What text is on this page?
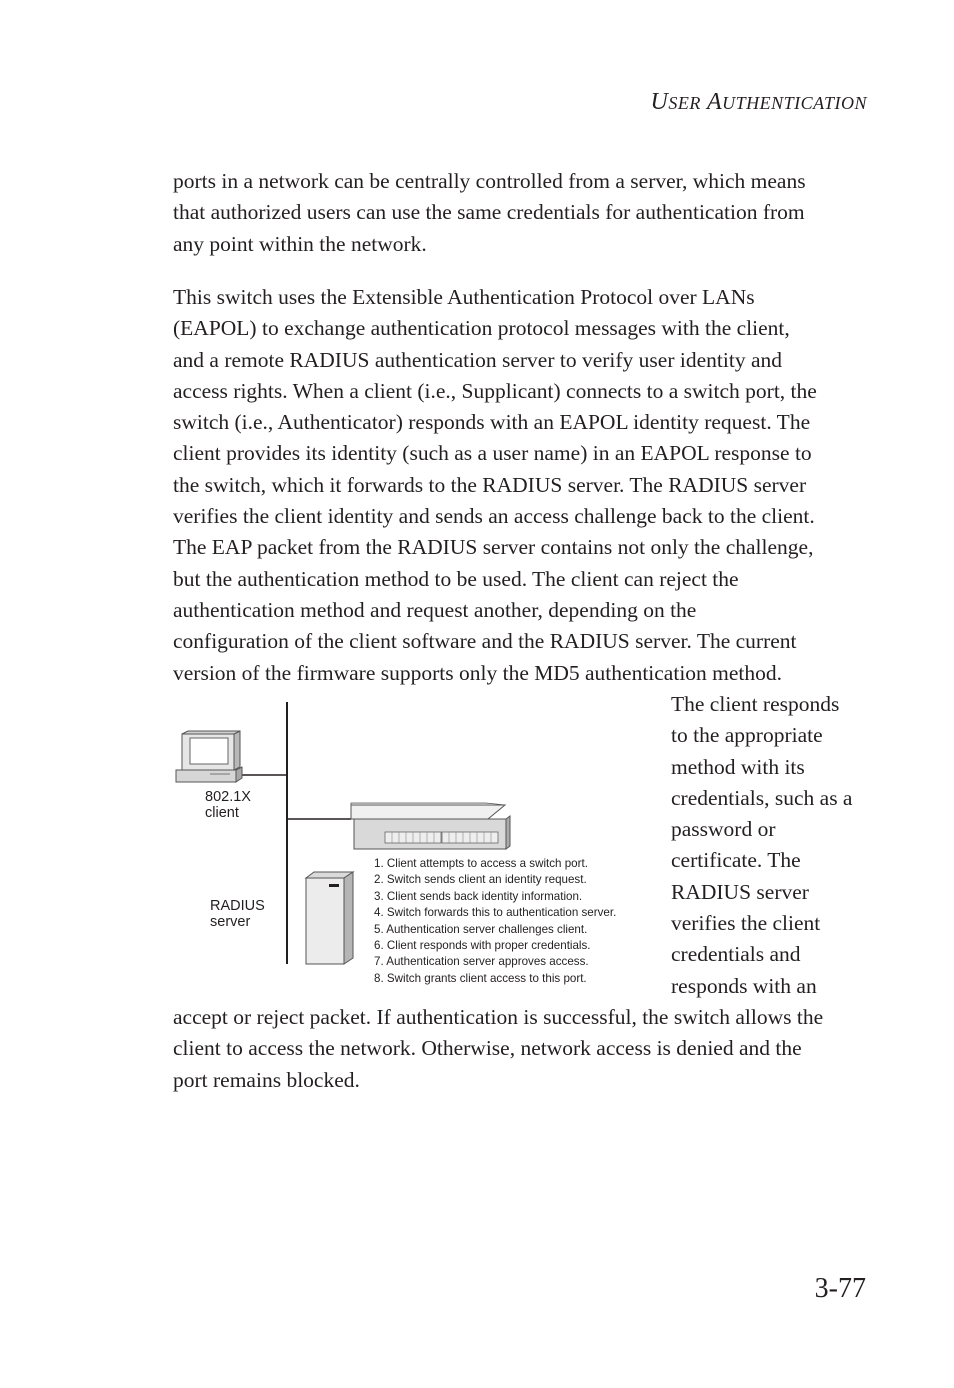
USER AUTHENTICATION

ports in a network can be centrally controlled from a server, which means
that authorized users can use the same credentials for authentication from
any point within the network.

This switch uses the Extensible Authentication Protocol over LANs
(EAPOL) to exchange authentication protocol messages with the client,
and a remote RADIUS authentication server to verify user identity and
access rights. When a client (i.e., Supplicant) connects to a switch port, the
switch (i.e., Authenticator) responds with an EAPOL identity request. The
client provides its identity (such as a user name) in an EAPOL response to
the switch, which it forwards to the RADIUS server. The RADIUS server
verifies the client identity and sends an access challenge back to the client.
The EAP packet from the RADIUS server contains not only the challenge,
but the authentication method to be used. The client can reject the
authentication method and request another, depending on the
configuration of the client software and the RADIUS server. The current
version of the firmware supports only the MD5 authentication method.

The client responds
to the appropriate
method with its
credentials, such as a
password or
certificate. The
RADIUS server
verifies the client
credentials and
responds with an

802.1X
client
RADIUS
server
1. Client attempts to access a switch port.
2. Switch sends client an identity request.
3. Client sends back identity information.
4. Switch forwards this to authentication server.
5. Authentication server challenges client.
6. Client responds with proper credentials.
7. Authentication server approves access.
8. Switch grants client access to this port.

accept or reject packet. If authentication is successful, the switch allows the
client to access the network. Otherwise, network access is denied and the
port remains blocked.

3-77
